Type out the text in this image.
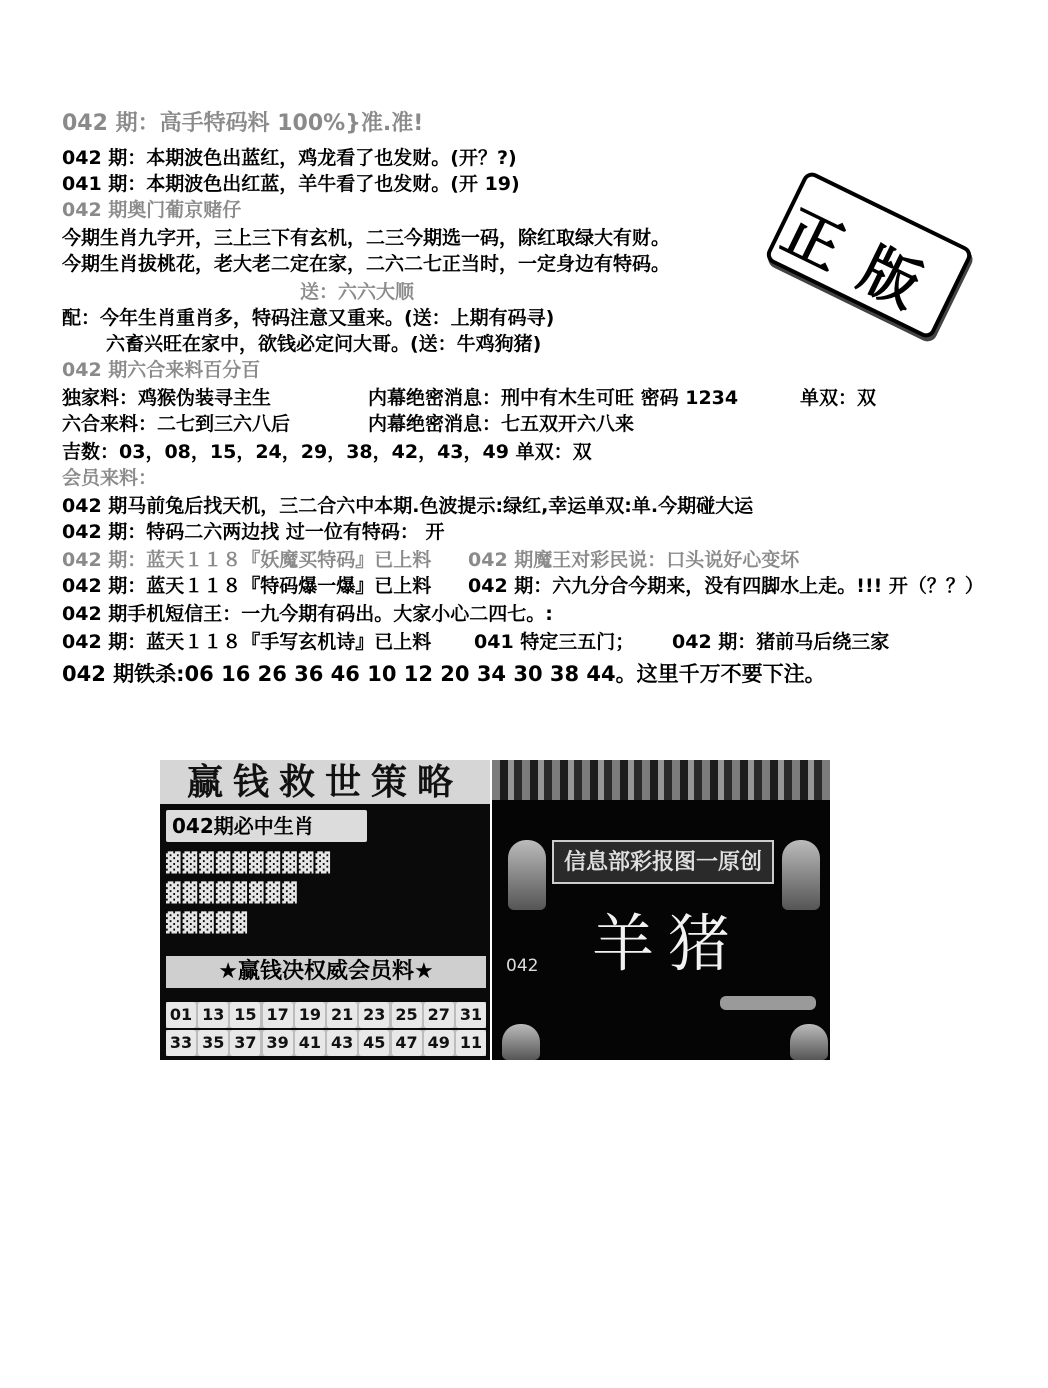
042 期：高手特码料 100%}准.准!
042 期：本期波色出蓝红，鸡龙看了也发财。(开？?)
041 期：本期波色出红蓝，羊牛看了也发财。(开 19)
042 期奥门葡京赌仔
今期生肖九字开，三上三下有玄机，二三今期选一码，除红取绿大有财。
今期生肖拔桃花，老大老二定在家，二六二七正当时，一定身边有特码。
送：六六大顺
配：今年生肖重肖多，特码注意又重来。(送：上期有码寻)
六畜兴旺在家中，欲钱必定问大哥。(送：牛鸡狗猪)
042 期六合来料百分百
独家料：鸡猴伪装寻主生	内幕绝密消息：刑中有木生可旺 密码 1234	单双：双
六合来料：二七到三六八后	内幕绝密消息：七五双开六八来
吉数：03，08，15，24，29，38，42，43，49 单双：双
会员来料：
042 期马前兔后找天机，三二合六中本期.色波提示:绿红,幸运单双:单.今期碰大运
042 期：特码二六两边找 过一位有特码： 开
042 期：蓝天１１８『妖魔买特码』已上料 042 期魔王对彩民说：口头说好心变坏
042 期：蓝天１１８『特码爆一爆』已上料 042 期：六九分合今期来，没有四脚水上走。!!! 开（？？）
042 期手机短信王：一九今期有码出。大家小心二四七。:
042 期：蓝天１１８『手写玄机诗』已上料 041 特定三五门； 042 期：猪前马后绕三家
042 期铁杀:06 16 26 36 46 10 12 20 34 30 38 44。这里千万不要下注。
正版
赢钱救世策略
042期必中生肖
▓▓▓▓▓▓▓▓▓▓
▓▓▓▓▓▓▓▓
▓▓▓▓▓
★赢钱决权威会员料★
01 13 15 17 19 21 23 25 27 31
33 35 37 39 41 43 45 47 49 11
信息部彩报图一原创
羊猪
042
